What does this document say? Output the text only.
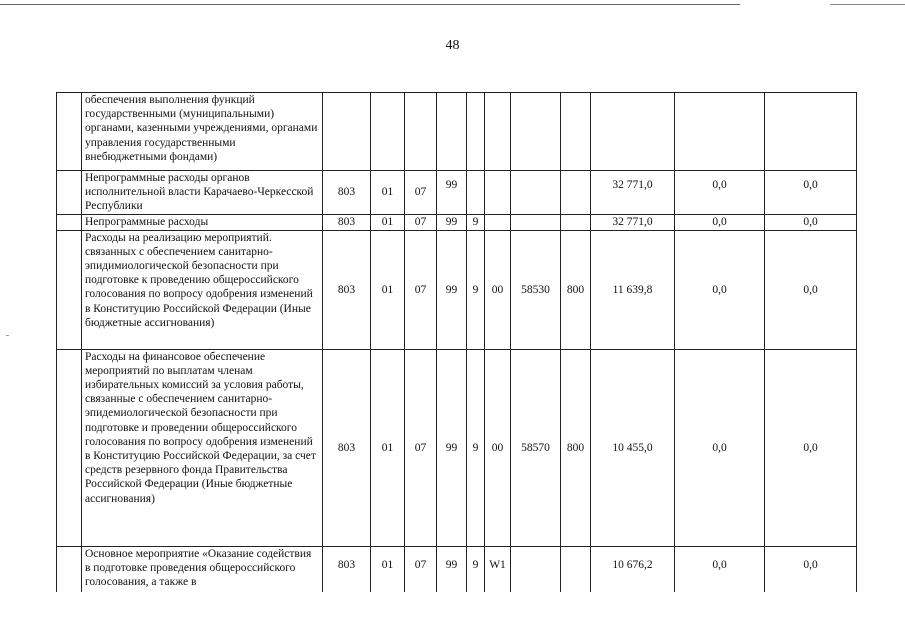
48
	обеспечения выполнения функций государственными (муниципальными) органами, казенными учреждениями, органами управления государственными внебюджетными фондами)											
	Непрограммные расходы органов исполнительной власти Карачаево-Черкесской Республики	803	01	07	99					32 771,0	0,0	0,0
	Непрограммные расходы	803	01	07	99	9				32 771,0	0,0	0,0
	Расходы на реализацию мероприятий. связанных с обеспечением санитарно-эпидимиологической безопасности при подготовке к проведению общероссийского голосования по вопросу одобрения изменений в Конституцию Российской Федерации (Иные бюджетные ассигнования)	803	01	07	99	9	00	58530	800	11 639,8	0,0	0,0
	Расходы на финансовое обеспечение мероприятий по выплатам членам избирательных комиссий за условия работы, связанные с обеспечением санитарно-эпидемиологической безопасности при подготовке и проведении общероссийского голосования по вопросу одобрения изменений в Конституцию Российской Федерации, за счет средств резервного фонда Правительства Российской Федерации (Иные бюджетные ассигнования)	803	01	07	99	9	00	58570	800	10 455,0	0,0	0,0
	Основное мероприятие «Оказание содействия в подготовке проведения общероссийского голосования, а также в	803	01	07	99	9	W1			10 676,2	0,0	0,0
